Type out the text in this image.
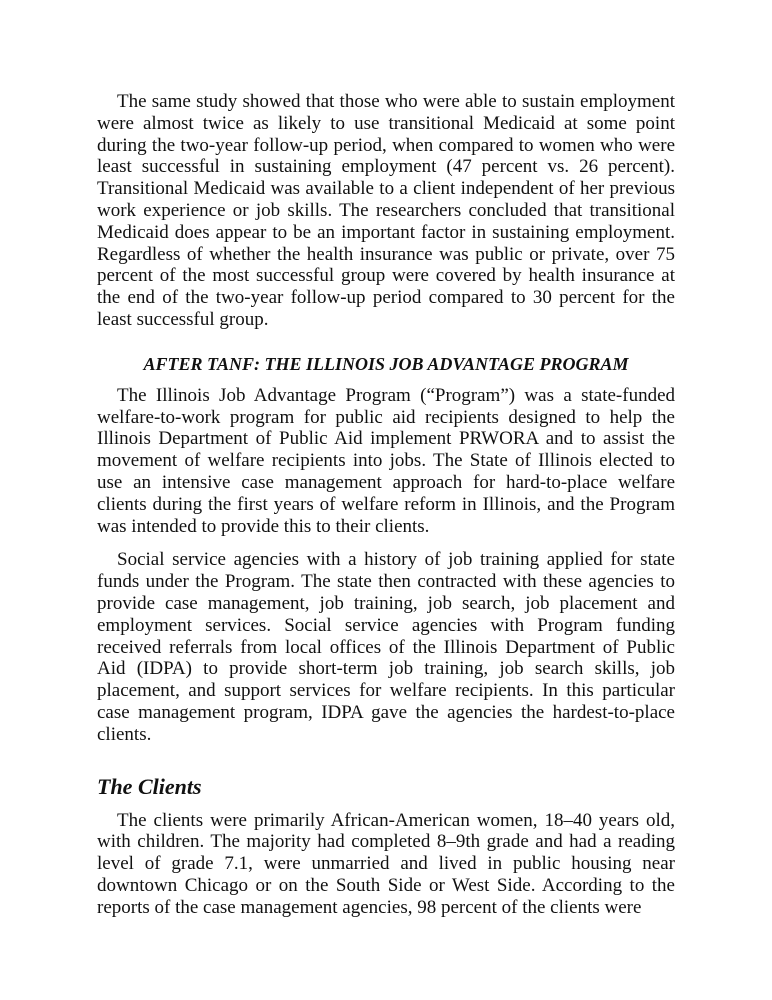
The same study showed that those who were able to sustain employment were almost twice as likely to use transitional Medicaid at some point during the two-year follow-up period, when compared to women who were least successful in sustaining employment (47 percent vs. 26 percent). Transitional Medicaid was available to a client independent of her previous work experience or job skills. The researchers concluded that transitional Medicaid does appear to be an important factor in sustaining employment. Regardless of whether the health insurance was public or private, over 75 percent of the most successful group were covered by health insurance at the end of the two-year follow-up period compared to 30 percent for the least successful group.

AFTER TANF: THE ILLINOIS JOB ADVANTAGE PROGRAM

The Illinois Job Advantage Program (“Program”) was a state-funded welfare-to-work program for public aid recipients designed to help the Illinois Department of Public Aid implement PRWORA and to assist the movement of welfare recipients into jobs. The State of Illinois elected to use an intensive case management approach for hard-to-place welfare clients during the first years of welfare reform in Illinois, and the Program was intended to provide this to their clients.

Social service agencies with a history of job training applied for state funds under the Program. The state then contracted with these agencies to provide case management, job training, job search, job placement and employment services. Social service agencies with Program funding received referrals from local offices of the Illinois Department of Public Aid (IDPA) to provide short-term job training, job search skills, job placement, and support services for welfare recipients. In this particular case management program, IDPA gave the agencies the hardest-to-place clients.

The Clients

The clients were primarily African-American women, 18–40 years old, with children. The majority had completed 8–9th grade and had a reading level of grade 7.1, were unmarried and lived in public housing near downtown Chicago or on the South Side or West Side. According to the reports of the case management agencies, 98 percent of the clients were
